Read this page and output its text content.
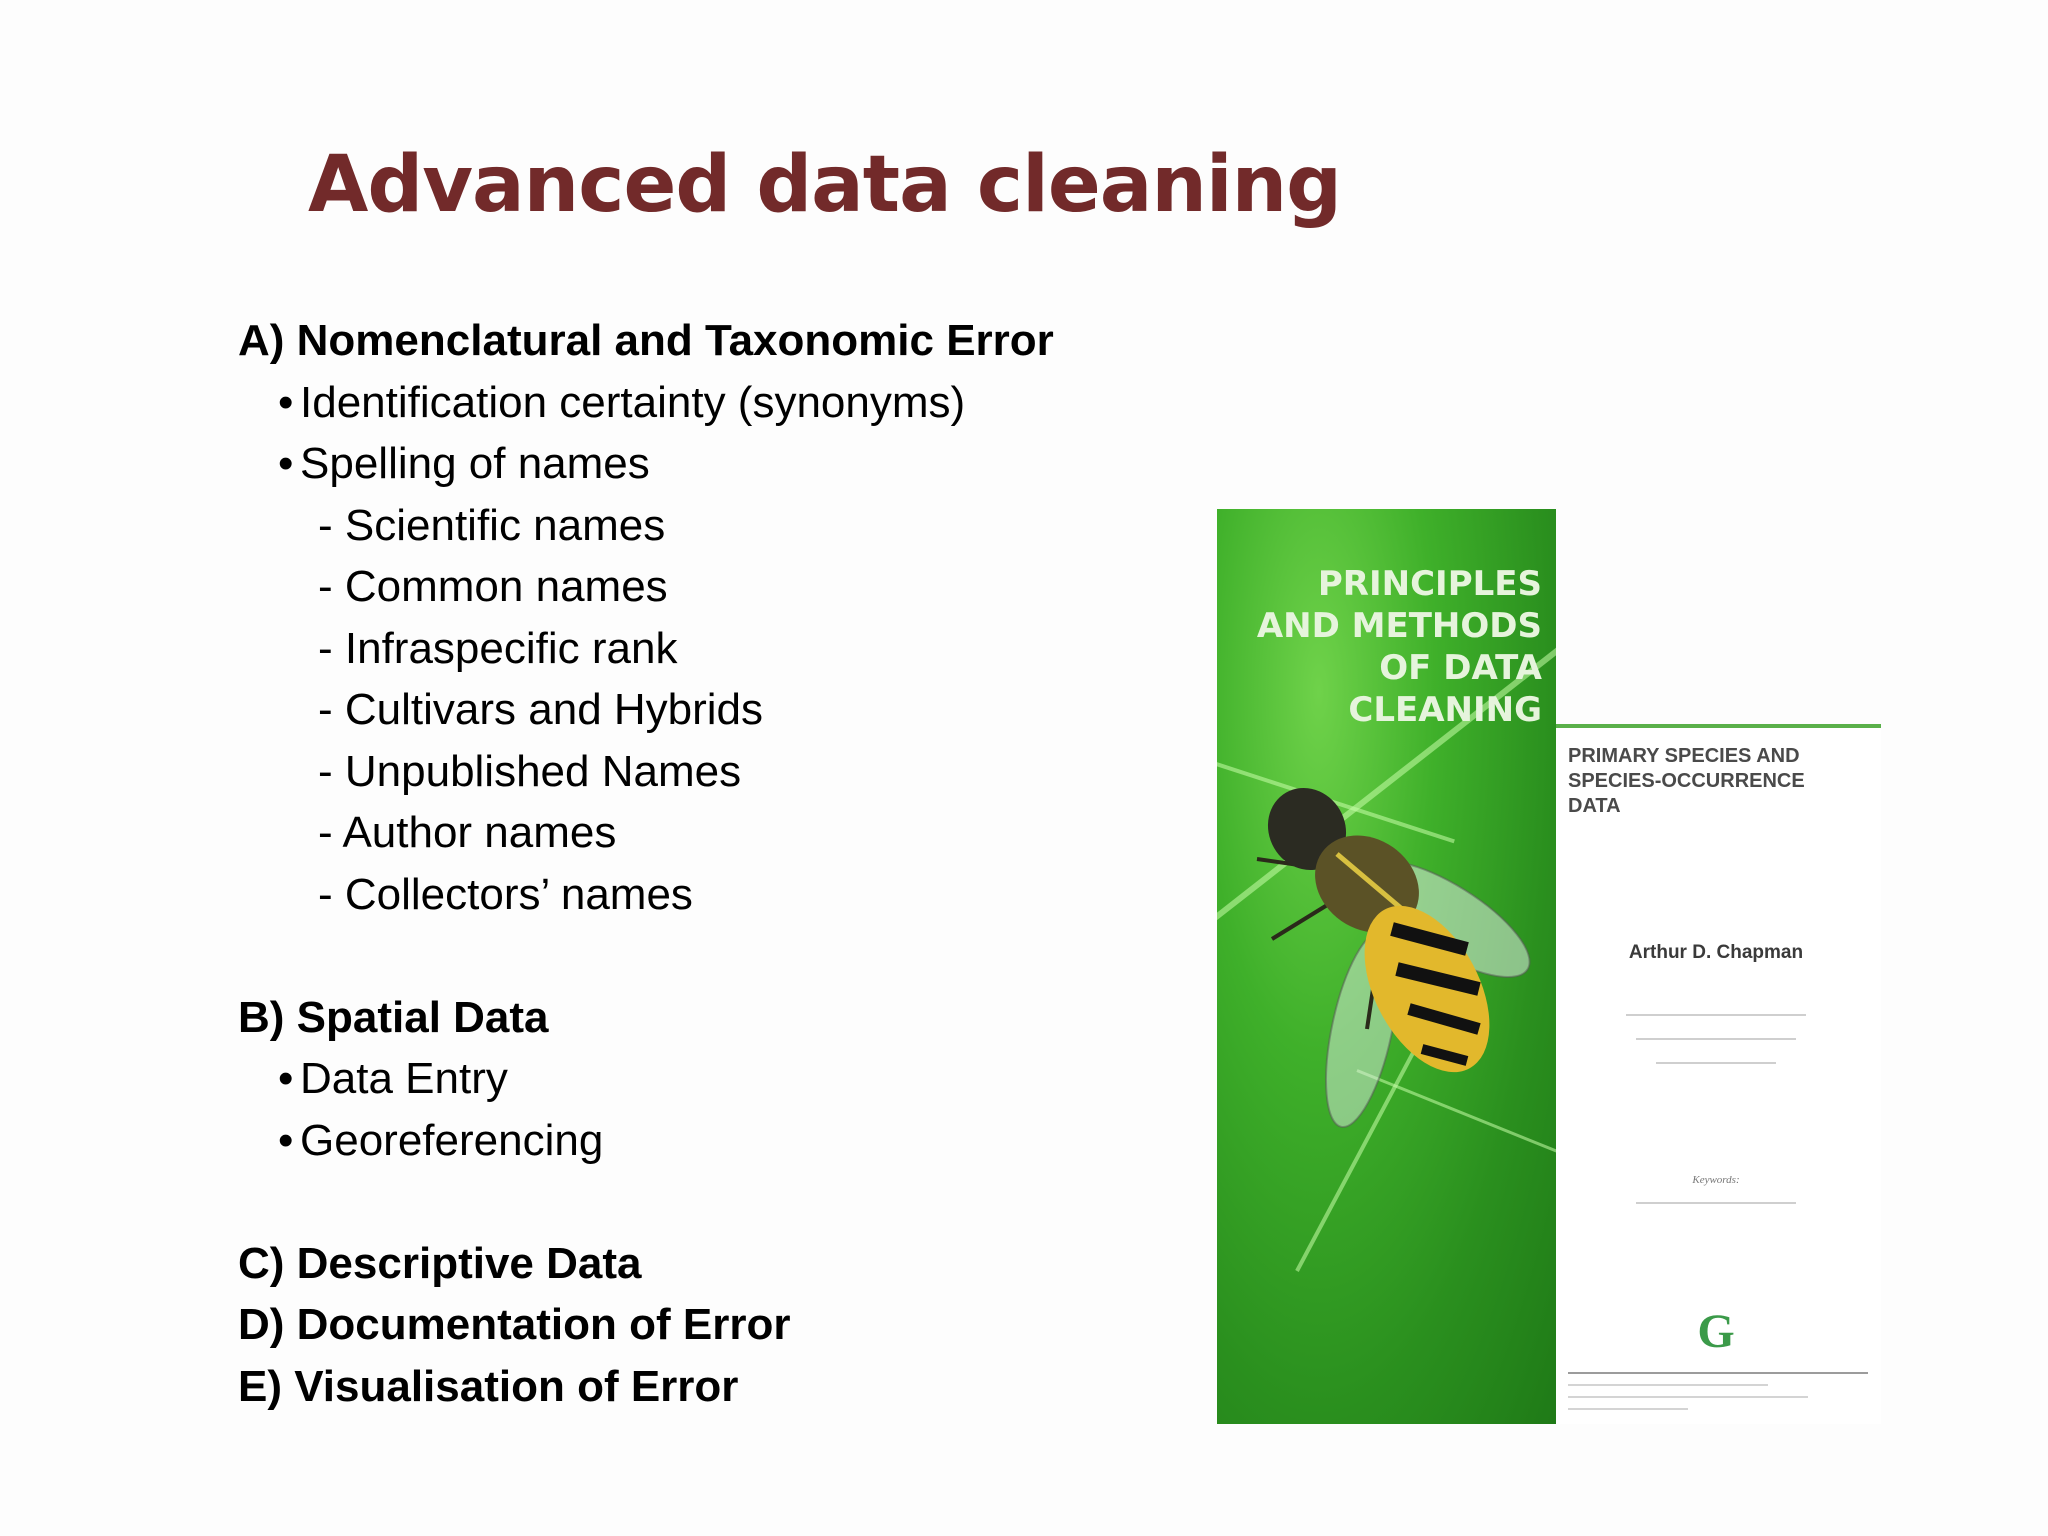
Advanced data cleaning
A) Nomenclatural and Taxonomic Error
• Identification certainty (synonyms)
• Spelling of names
- Scientific names
- Common names
- Infraspecific rank
- Cultivars and Hybrids
- Unpublished Names
- Author names
- Collectors’ names
B) Spatial Data
• Data Entry
• Georeferencing
C) Descriptive Data
D) Documentation of Error
E) Visualisation of Error
PRINCIPLES
AND METHODS
OF DATA
CLEANING
PRIMARY SPECIES AND
SPECIES-OCCURRENCE
DATA
Arthur D. Chapman
Keywords:
G
